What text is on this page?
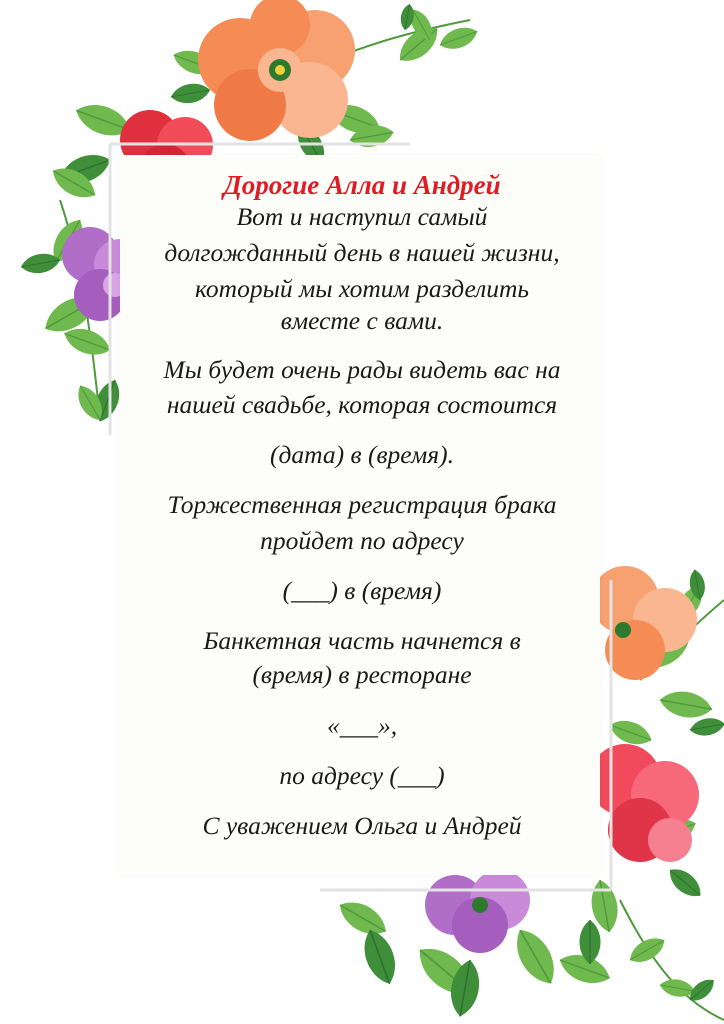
Дорогие Алла и Андрей
Вот и наступил самый
долгожданный день в нашей жизни,
который мы хотим разделить
вместе с вами.
Мы будет очень рады видеть вас на
нашей свадьбе, которая состоится
(дата) в (время).
Торжественная регистрация брака
пройдет по адресу
(___) в (время)
Банкетная часть начнется в
(время) в ресторане
«___»,
по адресу (___)
С уважением Ольга и Андрей
